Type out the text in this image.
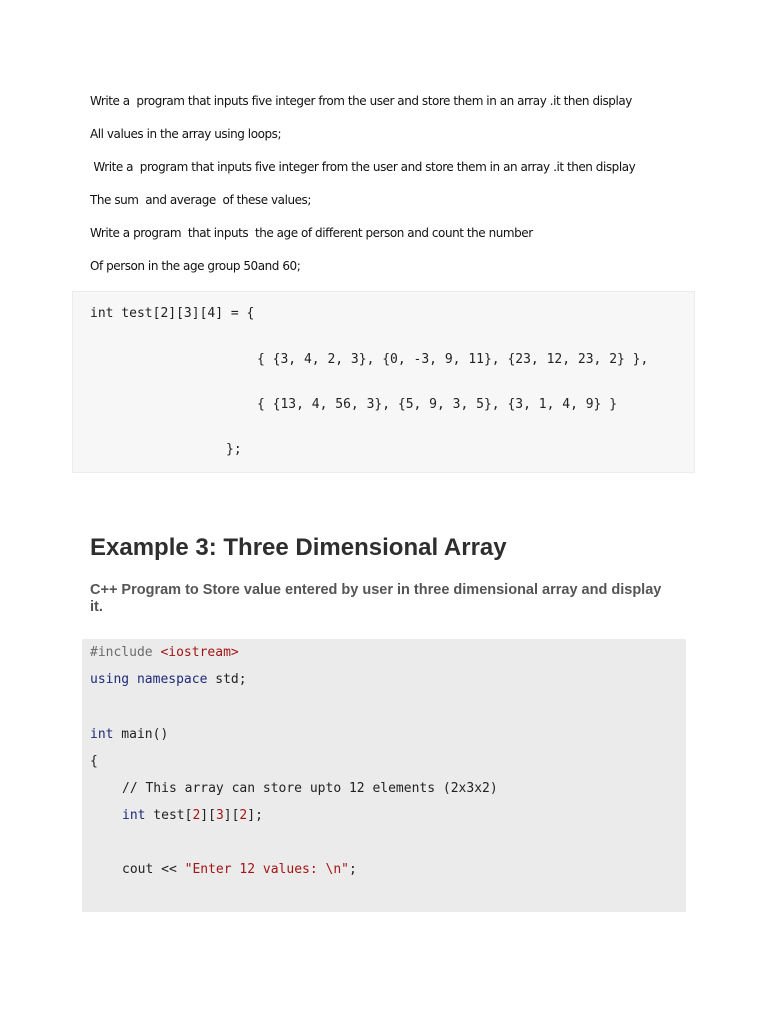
Write a  program that inputs five integer from the user and store them in an array .it then display
All values in the array using loops;
Write a  program that inputs five integer from the user and store them in an array .it then display
The sum  and average  of these values;
Write a program  that inputs  the age of different person and count the number
Of person in the age group 50and 60;
int test[2][3][4] = {
{ {3, 4, 2, 3}, {0, -3, 9, 11}, {23, 12, 23, 2} },
{ {13, 4, 56, 3}, {5, 9, 3, 5}, {3, 1, 4, 9} }
};
Example 3: Three Dimensional Array
C++ Program to Store value entered by user in three dimensional array and display it.
#include <iostream>
using namespace std;
int main()
{
// This array can store upto 12 elements (2x3x2)
int test[2][3][2];
cout << "Enter 12 values: \n";
